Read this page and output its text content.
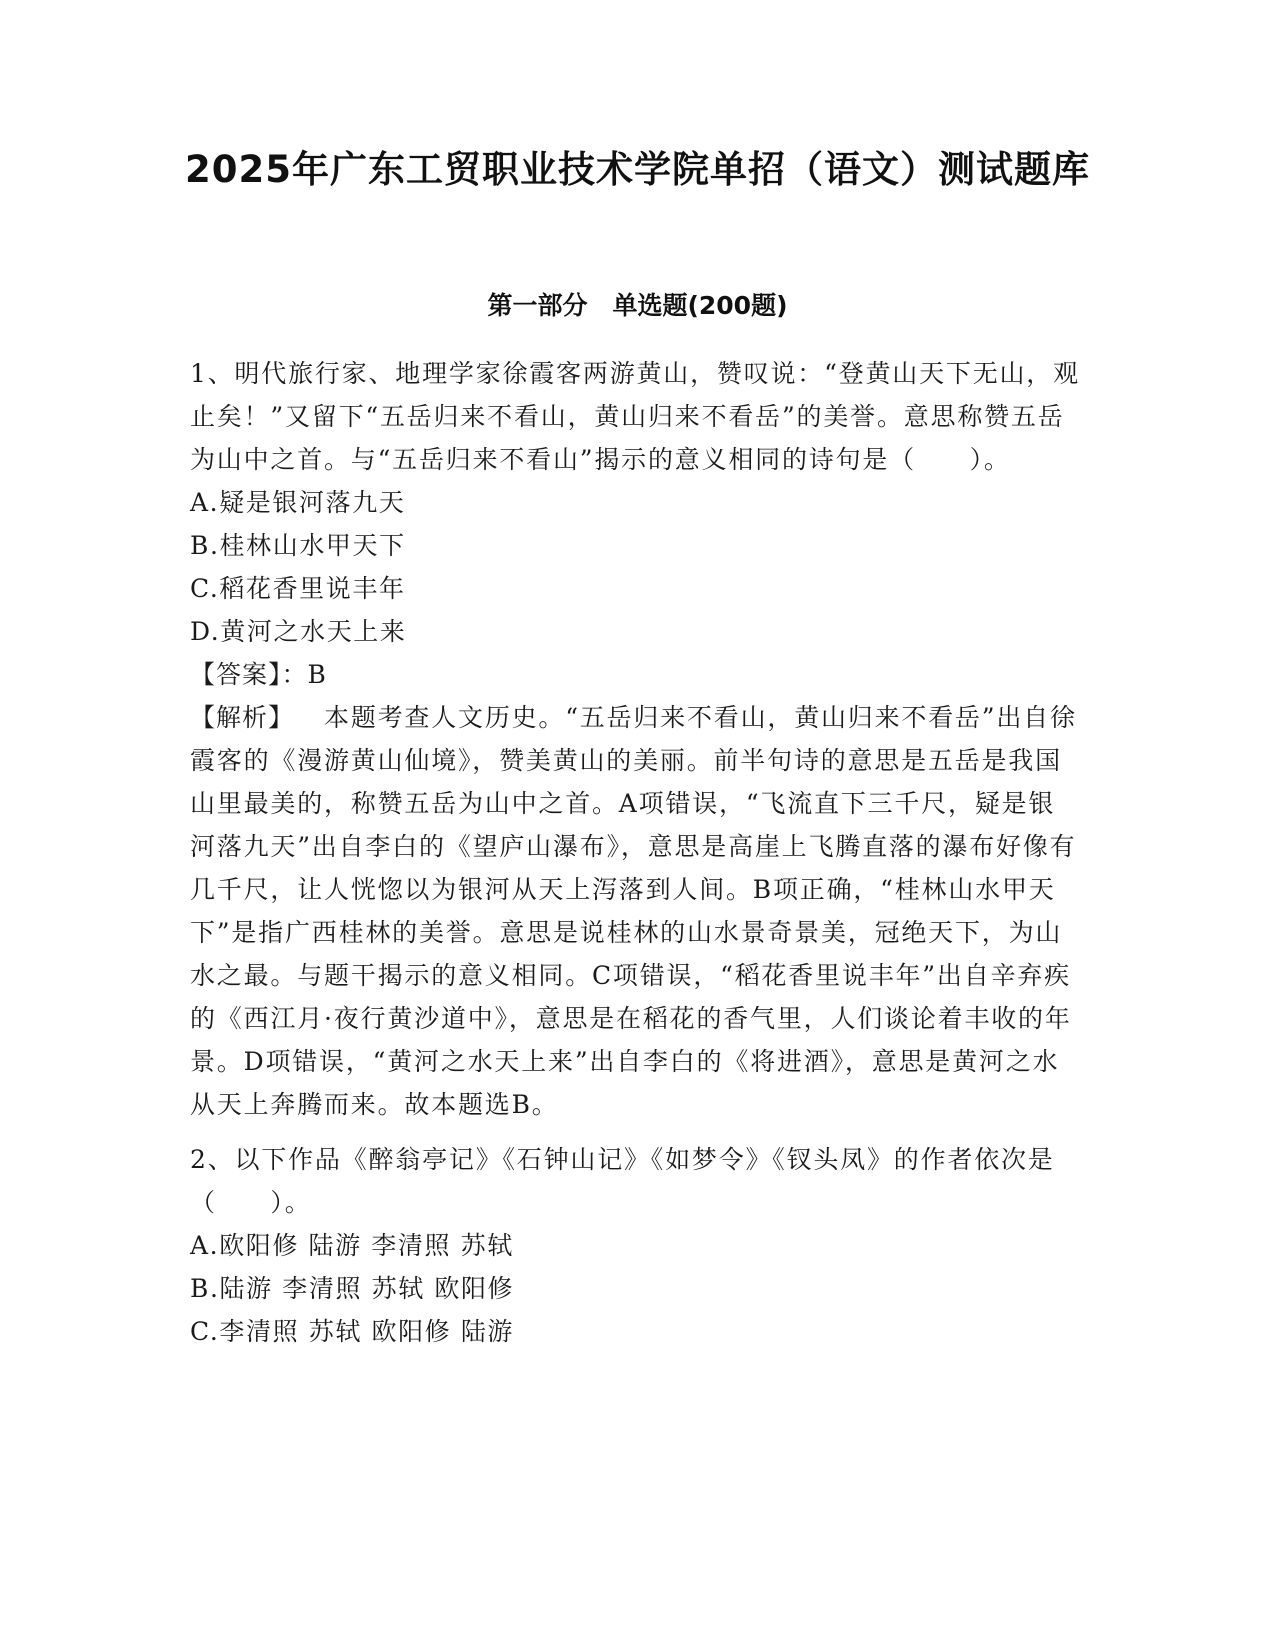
2025年广东工贸职业技术学院单招（语文）测试题库
第一部分　单选题(200题)

1、明代旅行家、地理学家徐霞客两游黄山，赞叹说：“登黄山天下无山，观止矣！”又留下“五岳归来不看山，黄山归来不看岳”的美誉。意思称赞五岳为山中之首。与“五岳归来不看山”揭示的意义相同的诗句是（　　）。

A.疑是银河落九天

B.桂林山水甲天下

C.稻花香里说丰年

D.黄河之水天上来

【答案】：B

【解析】 本题考查人文历史。“五岳归来不看山，黄山归来不看岳”出自徐霞客的《漫游黄山仙境》，赞美黄山的美丽。前半句诗的意思是五岳是我国山里最美的，称赞五岳为山中之首。A项错误，“飞流直下三千尺，疑是银河落九天”出自李白的《望庐山瀑布》，意思是高崖上飞腾直落的瀑布好像有几千尺，让人恍惚以为银河从天上泻落到人间。B项正确，“桂林山水甲天下”是指广西桂林的美誉。意思是说桂林的山水景奇景美，冠绝天下，为山水之最。与题干揭示的意义相同。C项错误，“稻花香里说丰年”出自辛弃疾的《西江月·夜行黄沙道中》，意思是在稻花的香气里，人们谈论着丰收的年景。D项错误，“黄河之水天上来”出自李白的《将进酒》，意思是黄河之水从天上奔腾而来。故本题选B。

2、以下作品《醉翁亭记》《石钟山记》《如梦令》《钗头凤》的作者依次是（　　）。

A.欧阳修 陆游 李清照 苏轼

B.陆游 李清照 苏轼 欧阳修

C.李清照 苏轼 欧阳修 陆游
